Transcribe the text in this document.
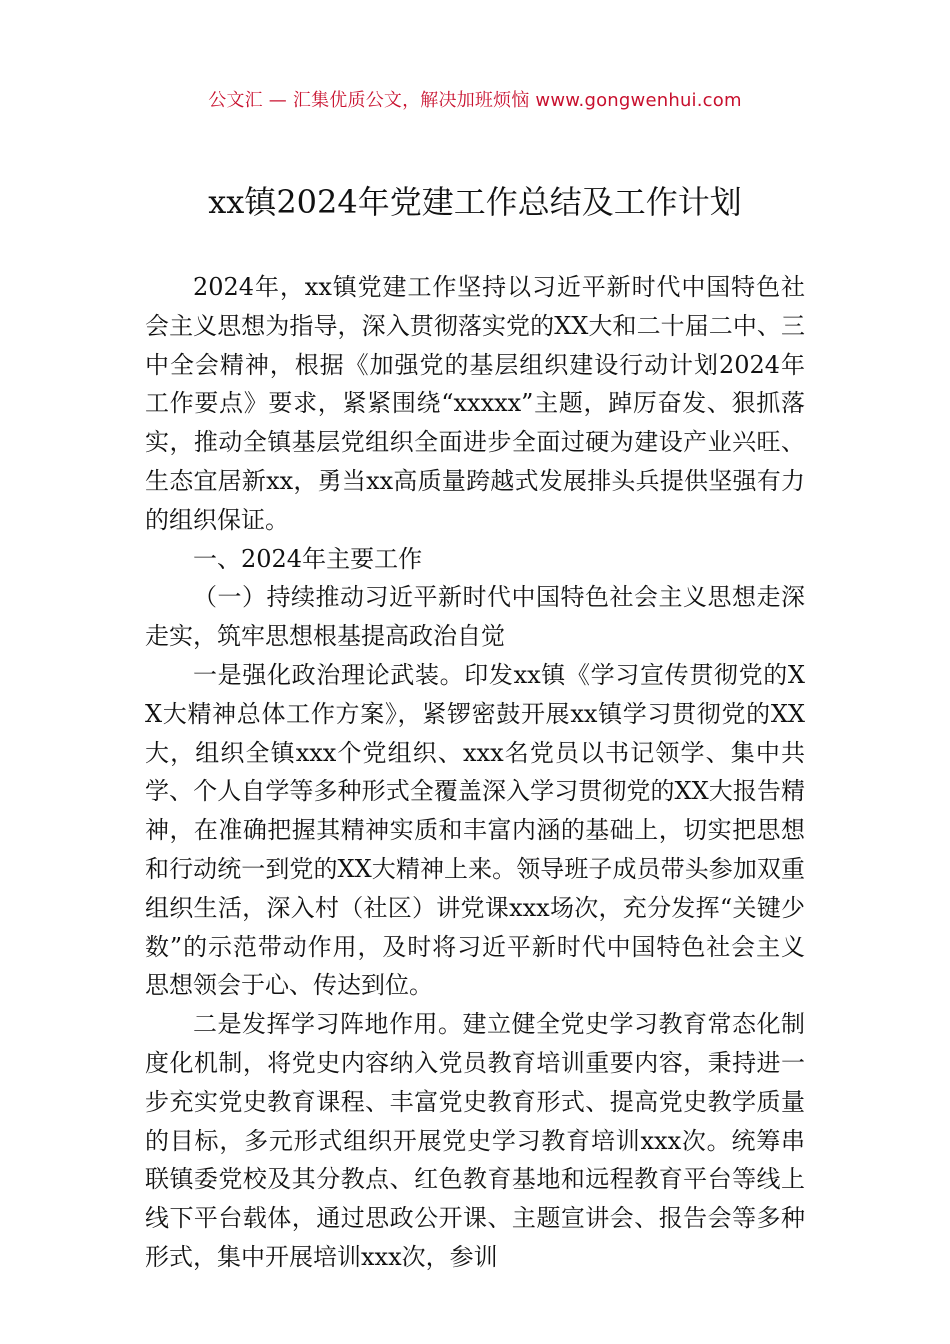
公文汇 — 汇集优质公文，解决加班烦恼 www.gongwenhui.com
xx镇2024年党建工作总结及工作计划

2024年，xx镇党建工作坚持以习近平新时代中国特色社会主义思想为指导，深入贯彻落实党的XX大和二十届二中、三中全会精神，根据《加强党的基层组织建设行动计划2024年工作要点》要求，紧紧围绕“xxxxx”主题，踔厉奋发、狠抓落实，推动全镇基层党组织全面进步全面过硬为建设产业兴旺、生态宜居新xx，勇当xx高质量跨越式发展排头兵提供坚强有力的组织保证。

一、2024年主要工作

（一）持续推动习近平新时代中国特色社会主义思想走深走实，筑牢思想根基提高政治自觉

一是强化政治理论武装。印发xx镇《学习宣传贯彻党的XX大精神总体工作方案》，紧锣密鼓开展xx镇学习贯彻党的XX大，组织全镇xxx个党组织、xxx名党员以书记领学、集中共学、个人自学等多种形式全覆盖深入学习贯彻党的XX大报告精神，在准确把握其精神实质和丰富内涵的基础上，切实把思想和行动统一到党的XX大精神上来。领导班子成员带头参加双重组织生活，深入村（社区）讲党课xxx场次，充分发挥“关键少数”的示范带动作用，及时将习近平新时代中国特色社会主义思想领会于心、传达到位。

二是发挥学习阵地作用。建立健全党史学习教育常态化制度化机制，将党史内容纳入党员教育培训重要内容，秉持进一步充实党史教育课程、丰富党史教育形式、提高党史教学质量的目标，多元形式组织开展党史学习教育培训xxx次。统筹串联镇委党校及其分教点、红色教育基地和远程教育平台等线上线下平台载体，通过思政公开课、主题宣讲会、报告会等多种形式，集中开展培训xxx次，参训
